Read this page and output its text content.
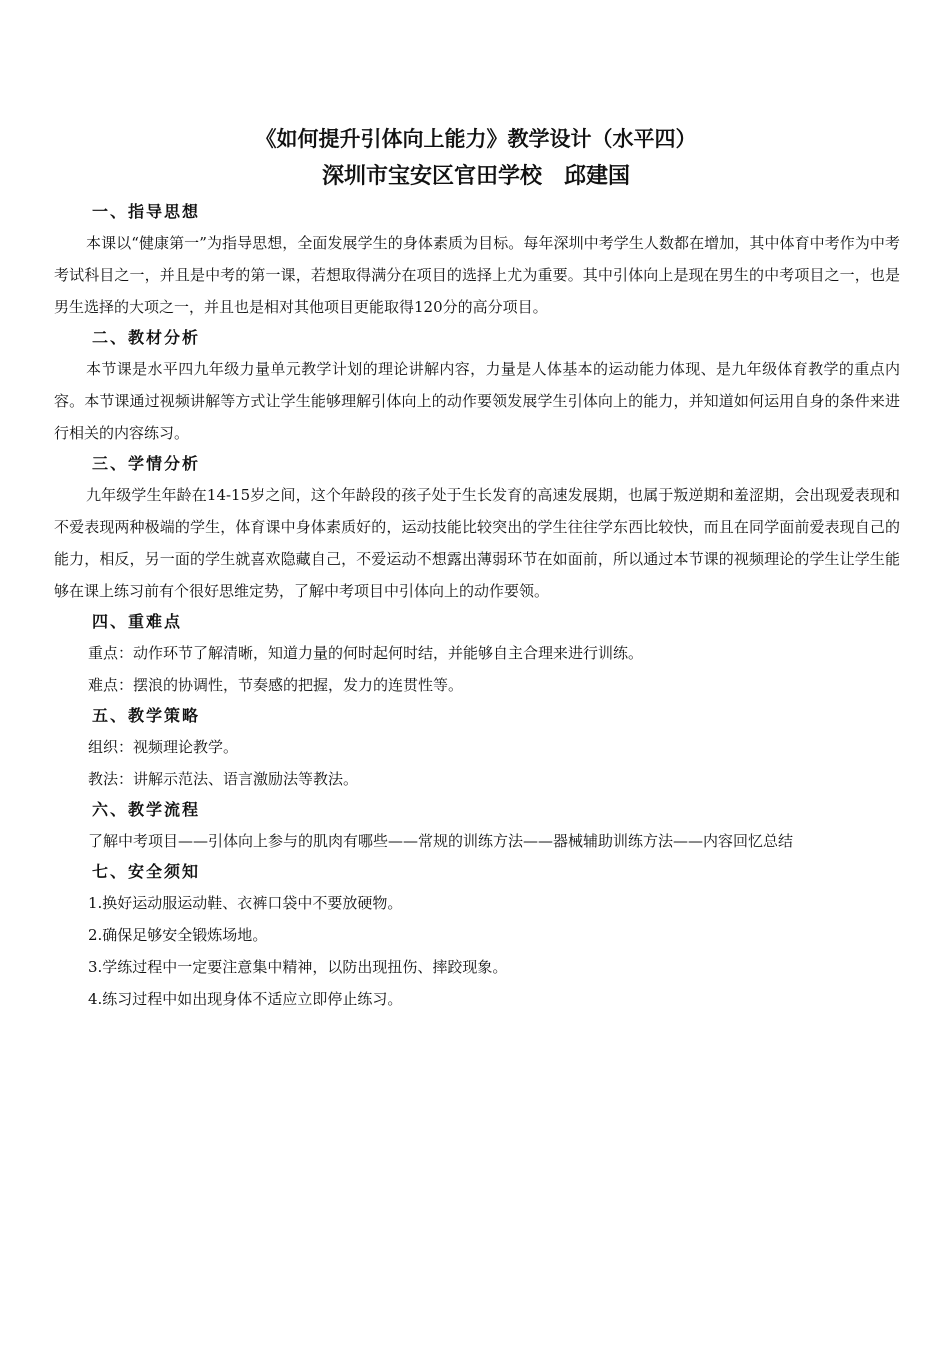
《如何提升引体向上能力》教学设计（水平四）
深圳市宝安区官田学校　邱建国
一、指导思想

本课以“健康第一”为指导思想，全面发展学生的身体素质为目标。每年深圳中考学生人数都在增加，其中体育中考作为中考考试科目之一，并且是中考的第一课，若想取得满分在项目的选择上尤为重要。其中引体向上是现在男生的中考项目之一，也是男生选择的大项之一，并且也是相对其他项目更能取得120分的高分项目。

二、教材分析

本节课是水平四九年级力量单元教学计划的理论讲解内容，力量是人体基本的运动能力体现、是九年级体育教学的重点内容。本节课通过视频讲解等方式让学生能够理解引体向上的动作要领发展学生引体向上的能力，并知道如何运用自身的条件来进行相关的内容练习。

三、学情分析

九年级学生年龄在14-15岁之间，这个年龄段的孩子处于生长发育的高速发展期，也属于叛逆期和羞涩期，会出现爱表现和不爱表现两种极端的学生，体育课中身体素质好的，运动技能比较突出的学生往往学东西比较快，而且在同学面前爱表现自己的能力，相反，另一面的学生就喜欢隐藏自己，不爱运动不想露出薄弱环节在如面前，所以通过本节课的视频理论的学生让学生能够在课上练习前有个很好思维定势，了解中考项目中引体向上的动作要领。

四、重难点

重点：动作环节了解清晰，知道力量的何时起何时结，并能够自主合理来进行训练。

难点：摆浪的协调性，节奏感的把握，发力的连贯性等。

五、教学策略

组织：视频理论教学。

教法：讲解示范法、语言激励法等教法。

六、教学流程

了解中考项目——引体向上参与的肌肉有哪些——常规的训练方法——器械辅助训练方法——内容回忆总结

七、安全须知

1.换好运动服运动鞋、衣裤口袋中不要放硬物。

2.确保足够安全锻炼场地。

3.学练过程中一定要注意集中精神，以防出现扭伤、摔跤现象。

4.练习过程中如出现身体不适应立即停止练习。
